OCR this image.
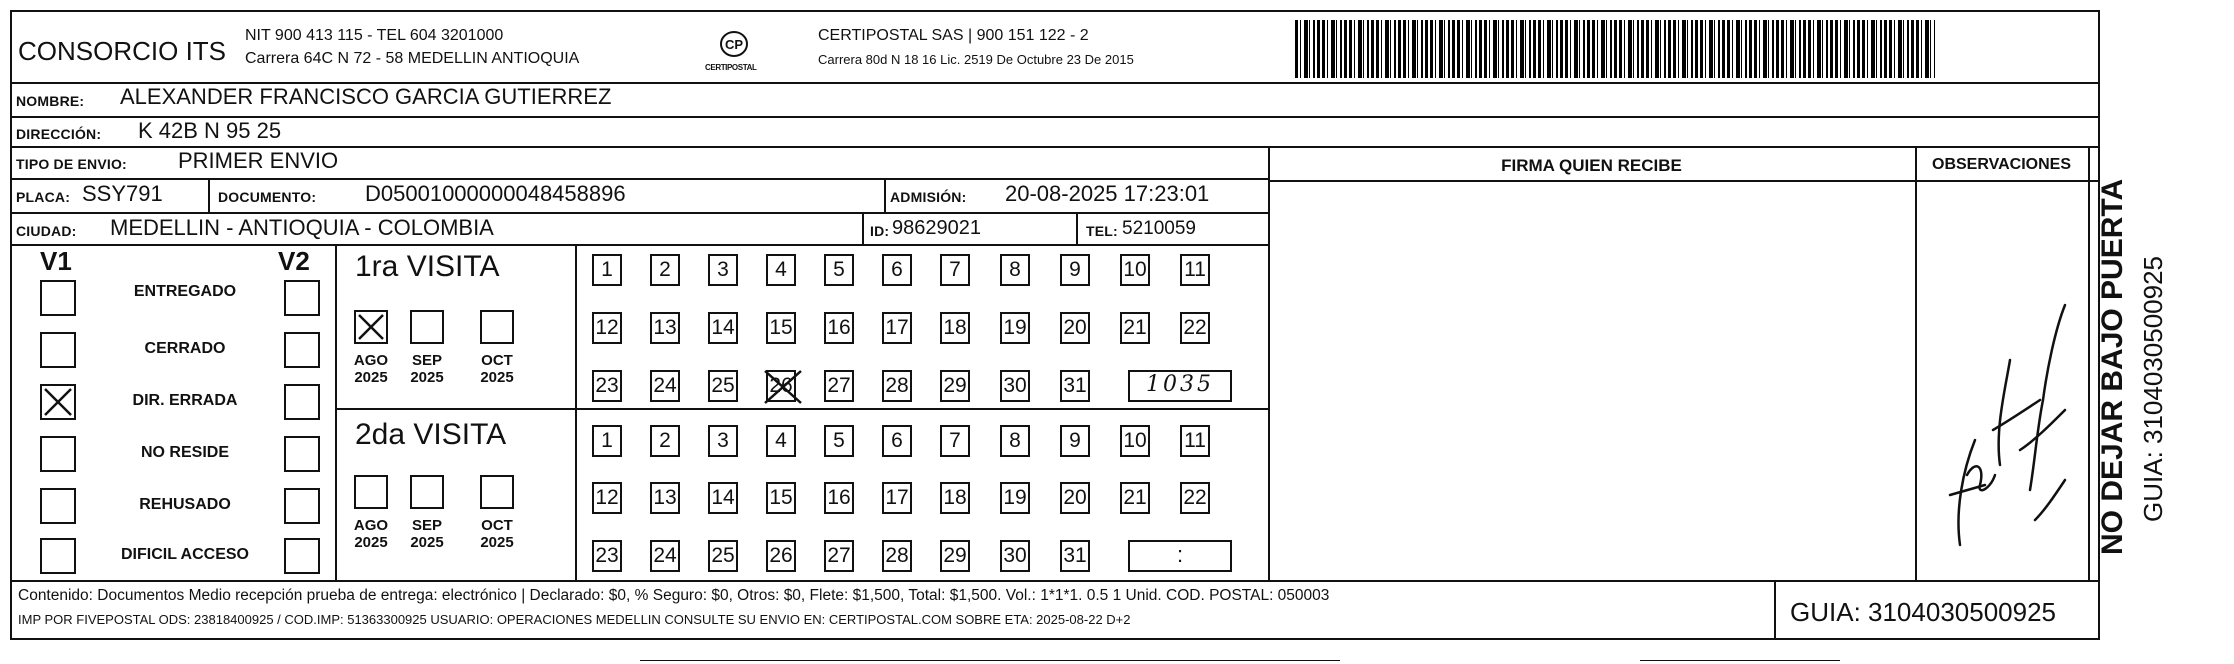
CONSORCIO ITS
NIT 900 413 115 - TEL 604 3201000
Carrera 64C N 72 - 58 MEDELLIN ANTIOQUIA
CP
CERTIPOSTAL
CERTIPOSTAL SAS | 900 151 122 - 2
Carrera 80d N 18 16 Lic. 2519 De Octubre 23 De 2015
NOMBRE: ALEXANDER FRANCISCO GARCIA GUTIERREZ
DIRECCIÓN: K 42B N 95 25
TIPO DE ENVIO: PRIMER ENVIO
PLACA: SSY791	DOCUMENTO: D05001000000048458896	ADMISIÓN: 20-08-2025 17:23:01
CIUDAD: MEDELLIN - ANTIOQUIA - COLOMBIA	ID: 98629021	TEL: 5210059
FIRMA QUIEN RECIBE	OBSERVACIONES
NO DEJAR BAJO PUERTA GUIA: 3104030500925
V1	V2 1ra VISITA
2da VISITA
Contenido: Documentos Medio recepción prueba de entrega: electrónico | Declarado: $0, % Seguro: $0, Otros: $0, Flete: $1,500, Total: $1,500. Vol.: 1*1*1. 0.5 1 Unid. COD. POSTAL: 050003
IMP POR FIVEPOSTAL ODS: 23818400925 / COD.IMP: 51363300925 USUARIO: OPERACIONES MEDELLIN CONSULTE SU ENVIO EN: CERTIPOSTAL.COM SOBRE ETA: 2025-08-22 D+2	GUIA: 3104030500925
ENTREGADO
CERRADO
DIR. ERRADA
NO RESIDE
REHUSADO
DIFICIL ACCESO
AGO
2025
SEP
2025
OCT
2025
AGO
2025
SEP
2025
OCT
2025
1	2	3	4	5	6	7	8	9	10 11
12 13 14 15 16 17 18 19 20 21 22
23 24 25 26 27 28 29 30 31	1035
1	2	3	4	5	6	7	8	9	10 11
12 13 14 15 16 17 18 19 20 21 22
23 24 25 26 27 28 29 30 31	:
